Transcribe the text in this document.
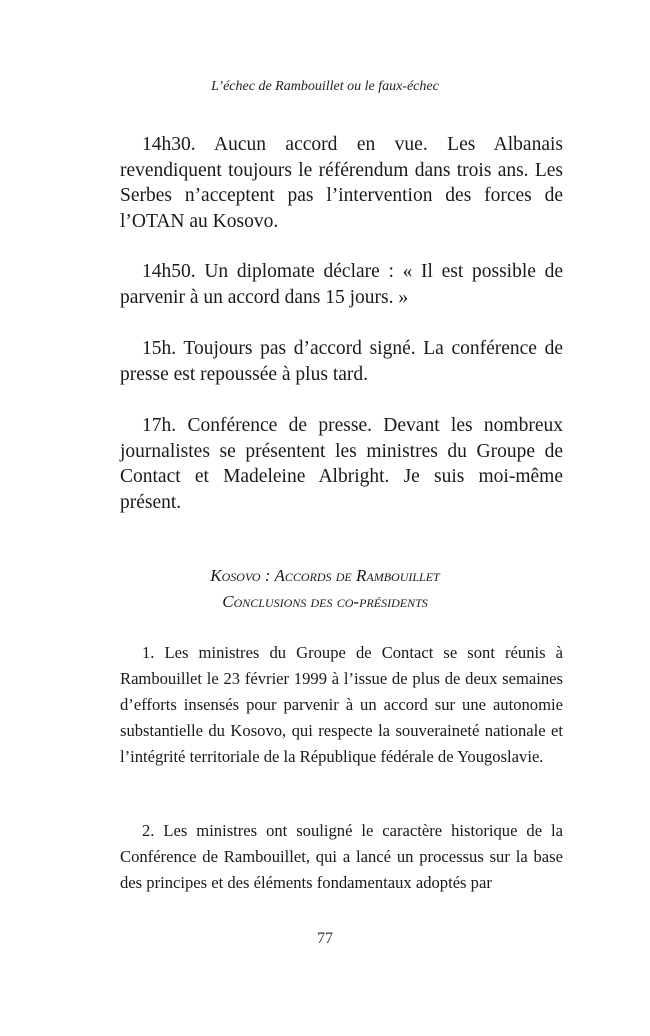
L’échec de Rambouillet ou le faux-échec

14h30. Aucun accord en vue. Les Albanais revendiquent toujours le référendum dans trois ans. Les Serbes n’acceptent pas l’intervention des forces de l’OTAN au Kosovo.

14h50. Un diplomate déclare : « Il est possible de parvenir à un accord dans 15 jours. »

15h. Toujours pas d’accord signé. La conférence de presse est repoussée à plus tard.

17h. Conférence de presse. Devant les nombreux journalistes se présentent les ministres du Groupe de Contact et Madeleine Albright. Je suis moi-même présent.

Kosovo : Accords de Rambouillet
Conclusions des co-présidents

1. Les ministres du Groupe de Contact se sont réunis à Rambouillet le 23 février 1999 à l’issue de plus de deux semaines d’efforts insensés pour parvenir à un accord sur une autonomie substantielle du Kosovo, qui respecte la souveraineté nationale et l’intégrité territoriale de la République fédérale de Yougoslavie.

2. Les ministres ont souligné le caractère historique de la Conférence de Rambouillet, qui a lancé un processus sur la base des principes et des éléments fondamentaux adoptés par

77
